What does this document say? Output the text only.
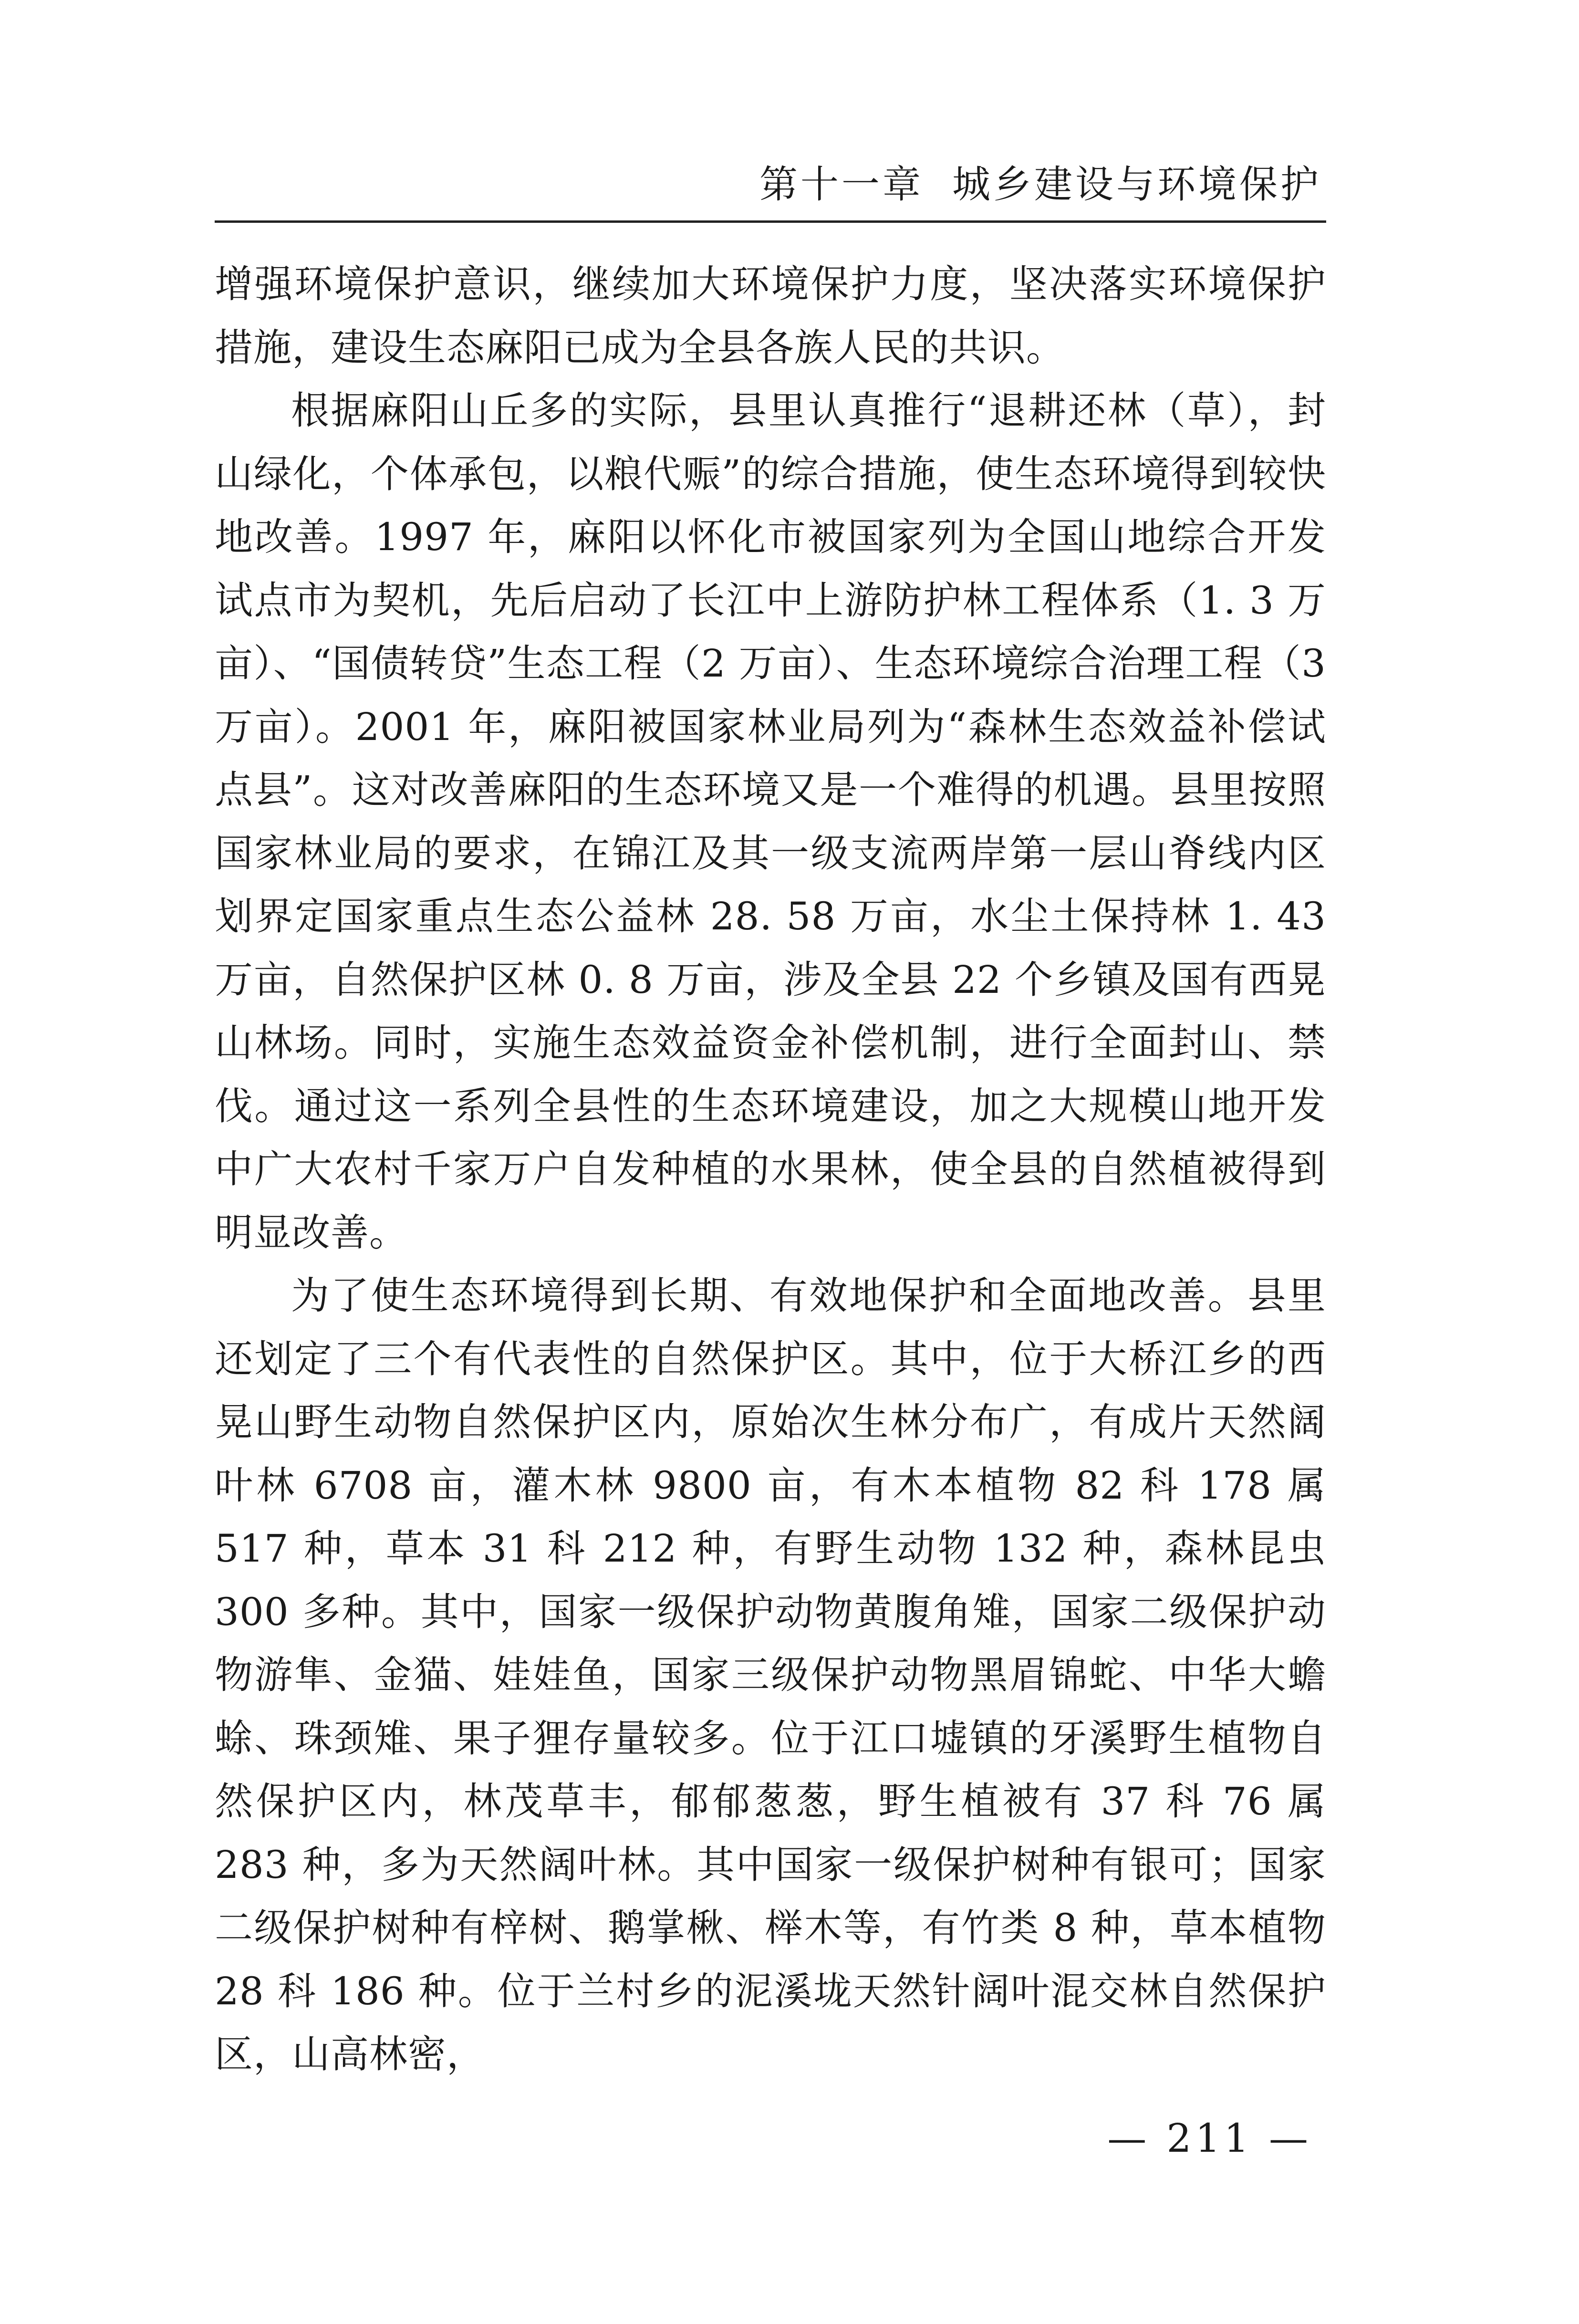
第十一章 城乡建设与环境保护

增强环境保护意识，继续加大环境保护力度，坚决落实环境保护措施，建设生态麻阳已成为全县各族人民的共识。

根据麻阳山丘多的实际，县里认真推行“退耕还林（草），封山绿化，个体承包，以粮代赈”的综合措施，使生态环境得到较快地改善。1997 年，麻阳以怀化市被国家列为全国山地综合开发试点市为契机，先后启动了长江中上游防护林工程体系（1. 3 万亩）、“国债转贷”生态工程（2 万亩）、生态环境综合治理工程（3 万亩）。2001 年，麻阳被国家林业局列为“森林生态效益补偿试点县”。这对改善麻阳的生态环境又是一个难得的机遇。县里按照国家林业局的要求，在锦江及其一级支流两岸第一层山脊线内区划界定国家重点生态公益林 28. 58 万亩，水尘土保持林 1. 43 万亩，自然保护区林 0. 8 万亩，涉及全县 22 个乡镇及国有西晃山林场。同时，实施生态效益资金补偿机制，进行全面封山、禁伐。通过这一系列全县性的生态环境建设，加之大规模山地开发中广大农村千家万户自发种植的水果林，使全县的自然植被得到明显改善。

为了使生态环境得到长期、有效地保护和全面地改善。县里还划定了三个有代表性的自然保护区。其中，位于大桥江乡的西晃山野生动物自然保护区内，原始次生林分布广，有成片天然阔叶林 6708 亩，灌木林 9800 亩，有木本植物 82 科 178 属 517 种，草本 31 科 212 种，有野生动物 132 种，森林昆虫 300 多种。其中，国家一级保护动物黄腹角雉，国家二级保护动物游隼、金猫、娃娃鱼，国家三级保护动物黑眉锦蛇、中华大蟾蜍、珠颈雉、果子狸存量较多。位于江口墟镇的牙溪野生植物自然保护区内，林茂草丰，郁郁葱葱，野生植被有 37 科 76 属 283 种，多为天然阔叶林。其中国家一级保护树种有银可；国家二级保护树种有梓树、鹅掌楸、榉木等，有竹类 8 种，草本植物 28 科 186 种。位于兰村乡的泥溪垅天然针阔叶混交林自然保护区，山高林密，

— 211 —
